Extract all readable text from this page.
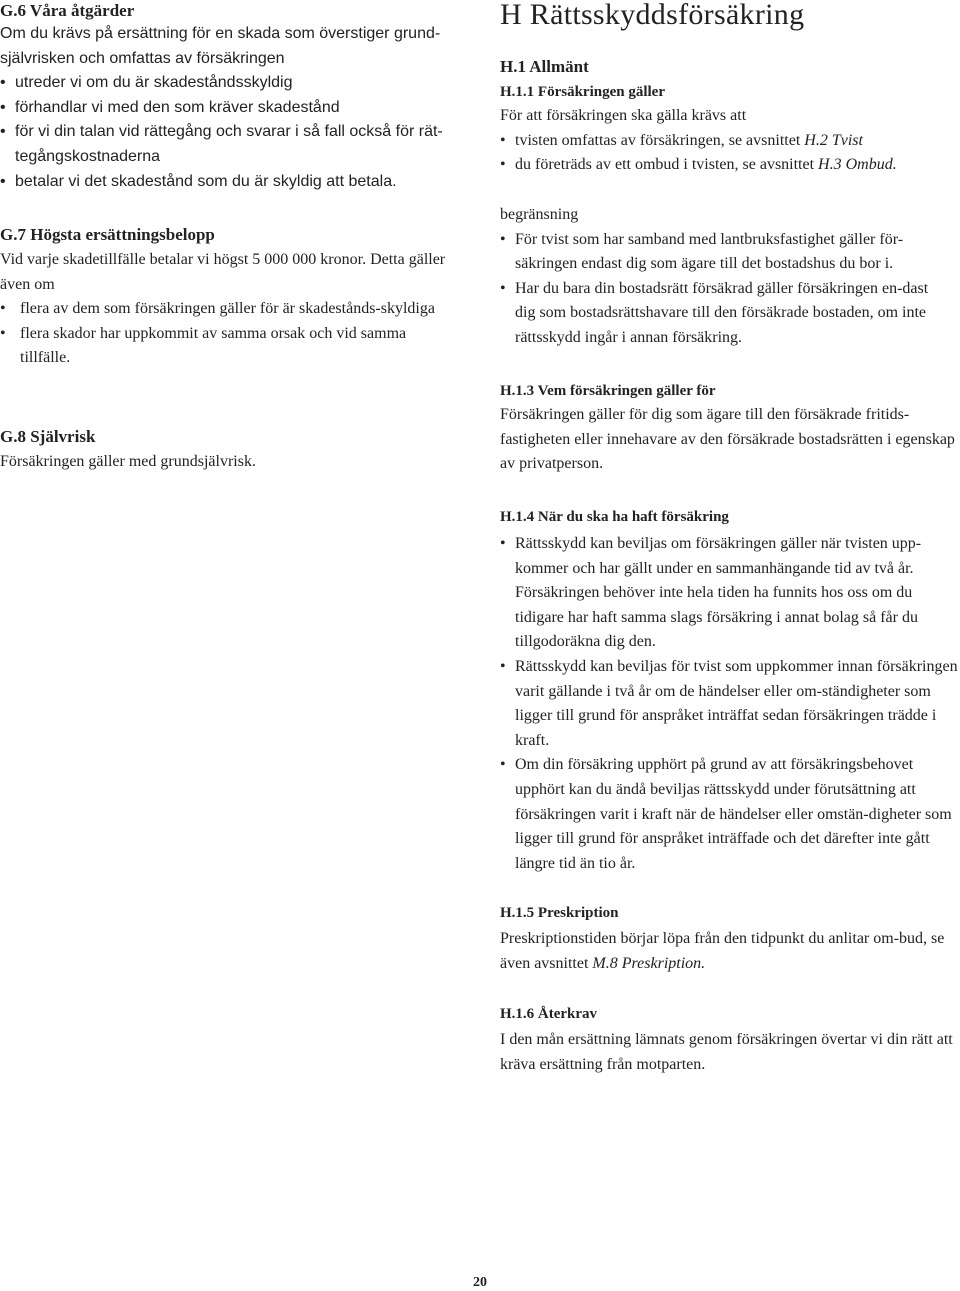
G.6 Våra åtgärder
Om du krävs på ersättning för en skada som överstiger grund-
självrisken och omfattas av försäkringen
• utreder vi om du är skadeståndsskyldig
• förhandlar vi med den som kräver skadestånd
• för vi din talan vid rättegång och svarar i så fall också för rät-tegångskostnaderna
• betalar vi det skadestånd som du är skyldig att betala.
G.7 Högsta ersättningsbelopp
Vid varje skadetillfälle betalar vi högst 5 000 000 kronor. Detta gäller även om
• flera av dem som försäkringen gäller för är skadestånds-skyldiga
• flera skador har uppkommit av samma orsak och vid samma tillfälle.
G.8 Självrisk
Försäkringen gäller med grundsjälvrisk.
H Rättsskyddsförsäkring
H.1 Allmänt
H.1.1 Försäkringen gäller
För att försäkringen ska gälla krävs att
• tvisten omfattas av försäkringen, se avsnittet H.2 Tvist
• du företräds av ett ombud i tvisten, se avsnittet H.3 Ombud.
begränsning
• För tvist som har samband med lantbruksfastighet gäller för-säkringen endast dig som ägare till det bostadshus du bor i.
• Har du bara din bostadsrätt försäkrad gäller försäkringen en-dast dig som bostadsrättshavare till den försäkrade bostaden, om inte rättsskydd ingår i annan försäkring.
H.1.3 Vem försäkringen gäller för
Försäkringen gäller för dig som ägare till den försäkrade fritids-fastigheten eller innehavare av den försäkrade bostadsrätten i egenskap av privatperson.
H.1.4 När du ska ha haft försäkring
• Rättsskydd kan beviljas om försäkringen gäller när tvisten upp-kommer och har gällt under en sammanhängande tid av två år. Försäkringen behöver inte hela tiden ha funnits hos oss om du tidigare har haft samma slags försäkring i annat bolag så får du tillgodoräkna dig den.
• Rättsskydd kan beviljas för tvist som uppkommer innan försäkringen varit gällande i två år om de händelser eller om-ständigheter som ligger till grund för anspråket inträffat sedan försäkringen trädde i kraft.
• Om din försäkring upphört på grund av att försäkringsbehovet upphört kan du ändå beviljas rättsskydd under förutsättning att försäkringen varit i kraft när de händelser eller omstän-digheter som ligger till grund för anspråket inträffade och det därefter inte gått längre tid än tio år.
H.1.5 Preskription
Preskriptionstiden börjar löpa från den tidpunkt du anlitar om-bud, se även avsnittet M.8 Preskription.
H.1.6 Återkrav
I den mån ersättning lämnats genom försäkringen övertar vi din rätt att kräva ersättning från motparten.
20
